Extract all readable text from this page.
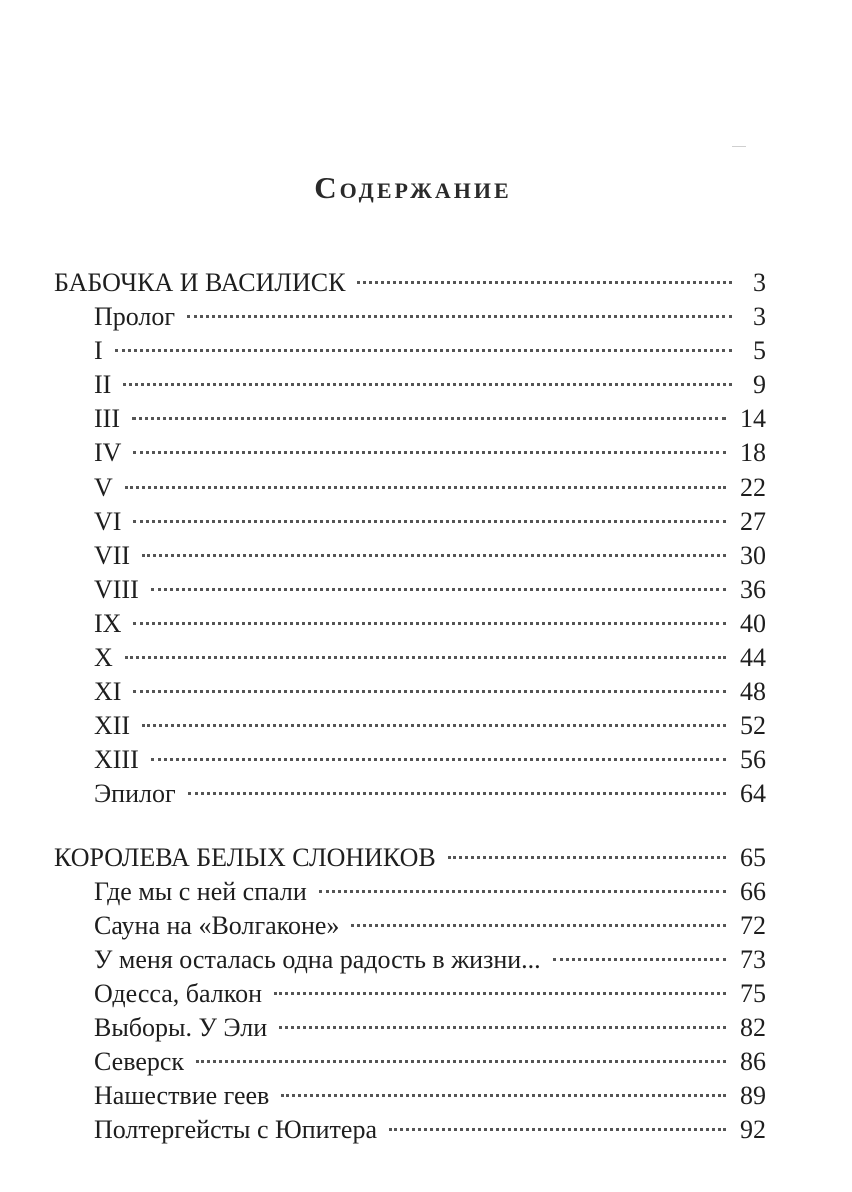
Содержание
БАБОЧКА И ВАСИЛИСК	3
Пролог	3
I	5
II	9
III	14
IV	18
V	22
VI	27
VII	30
VIII	36
IX	40
X	44
XI	48
XII	52
XIII	56
Эпилог	64
КОРОЛЕВА БЕЛЫХ СЛОНИКОВ	65
Где мы с ней спали	66
Сауна на «Волгаконе»	72
У меня осталась одна радость в жизни...	73
Одесса, балкон	75
Выборы. У Эли	82
Северск	86
Нашествие геев	89
Полтергейсты с Юпитера	92
